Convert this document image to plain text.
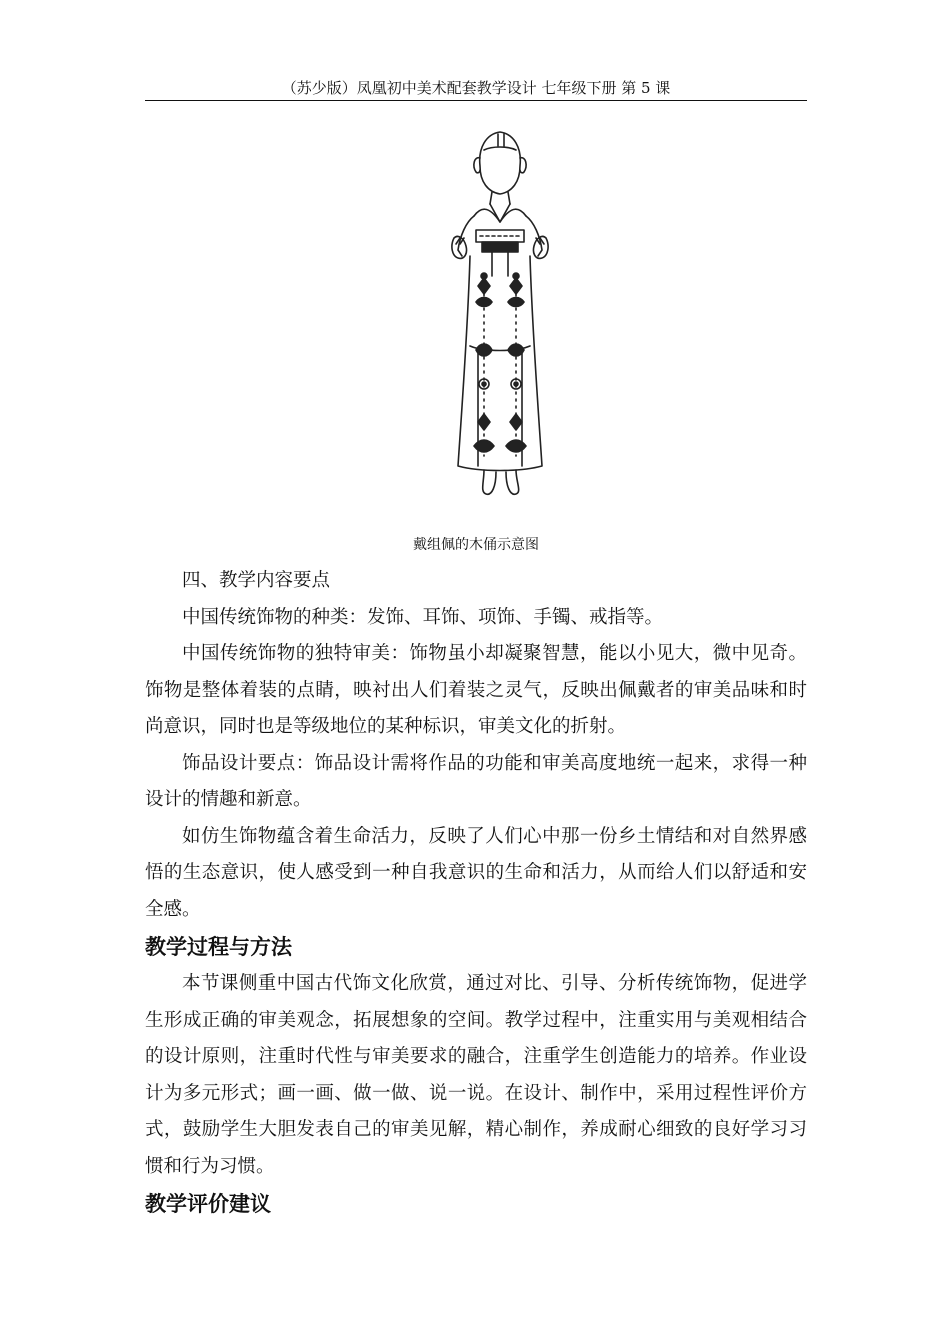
（苏少版）凤凰初中美术配套教学设计 七年级下册 第 5 课
戴组佩的木俑示意图

四、教学内容要点

中国传统饰物的种类：发饰、耳饰、项饰、手镯、戒指等。

中国传统饰物的独特审美：饰物虽小却凝聚智慧，能以小见大，微中见奇。饰物是整体着装的点睛，映衬出人们着装之灵气，反映出佩戴者的审美品味和时尚意识，同时也是等级地位的某种标识，审美文化的折射。

饰品设计要点：饰品设计需将作品的功能和审美高度地统一起来，求得一种设计的情趣和新意。

如仿生饰物蕴含着生命活力，反映了人们心中那一份乡土情结和对自然界感悟的生态意识，使人感受到一种自我意识的生命和活力，从而给人们以舒适和安全感。

教学过程与方法

本节课侧重中国古代饰文化欣赏，通过对比、引导、分析传统饰物，促进学生形成正确的审美观念，拓展想象的空间。教学过程中，注重实用与美观相结合的设计原则，注重时代性与审美要求的融合，注重学生创造能力的培养。作业设计为多元形式；画一画、做一做、说一说。在设计、制作中，采用过程性评价方式，鼓励学生大胆发表自己的审美见解，精心制作，养成耐心细致的良好学习习惯和行为习惯。

教学评价建议
